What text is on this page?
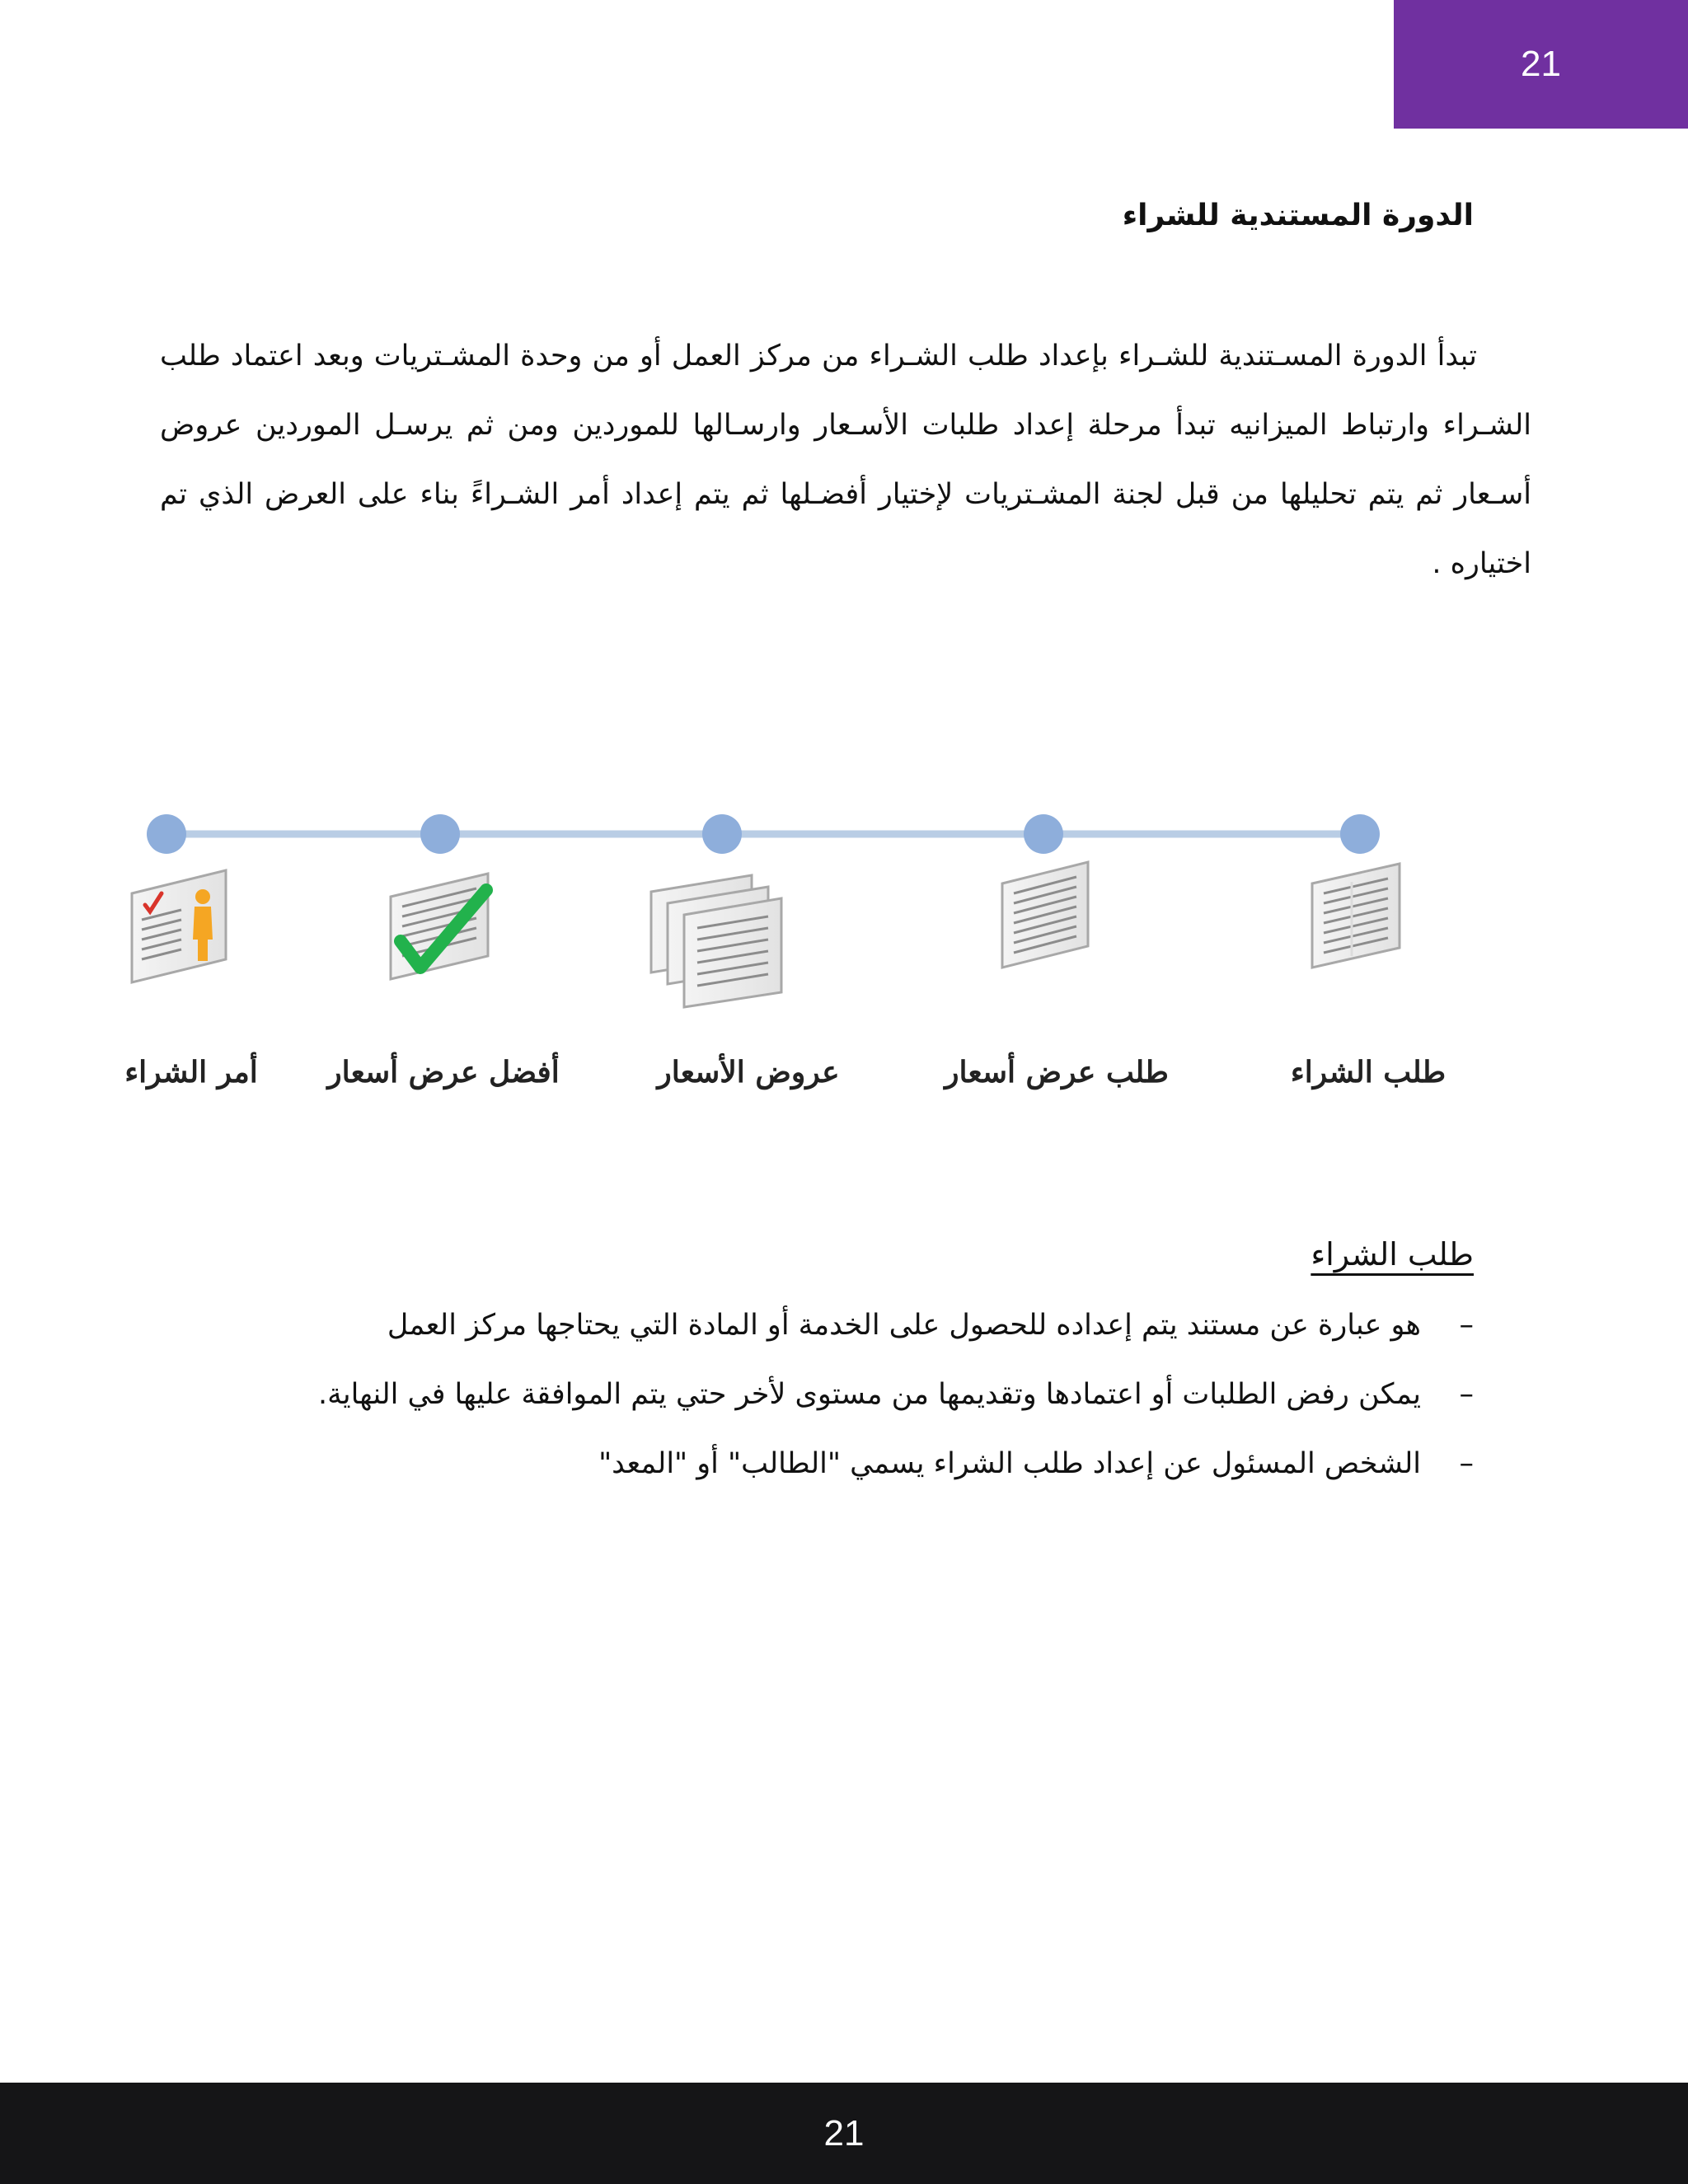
21
الدورة المستندية للشراء

تبدأ الدورة المسـتندية للشـراء بإعداد طلب الشـراء من مركز العمل أو من وحدة المشـتريات وبعد اعتماد طلب الشـراء وارتباط الميزانيه تبدأ مرحلة إعداد طلبات الأسـعار وارسـالها للموردين ومن ثم يرسـل الموردين عروض أسـعار ثم يتم تحليلها من قبل لجنة المشـتريات لإختيار أفضـلها ثم يتم إعداد أمر الشـراءً بناء على العرض الذي تم اختياره .

طلب الشراء
طلب عرض أسعار
عروض الأسعار
أفضل عرض أسعار
أمر الشراء
طلب الشراء
–هو عبارة عن مستند يتم إعداده للحصول على الخدمة أو المادة التي يحتاجها مركز العمل
–يمكن رفض الطلبات أو اعتمادها وتقديمها من مستوى لأخر حتي يتم الموافقة عليها في النهاية.
–الشخص المسئول عن إعداد طلب الشراء يسمي "الطالب" أو "المعد"
21
